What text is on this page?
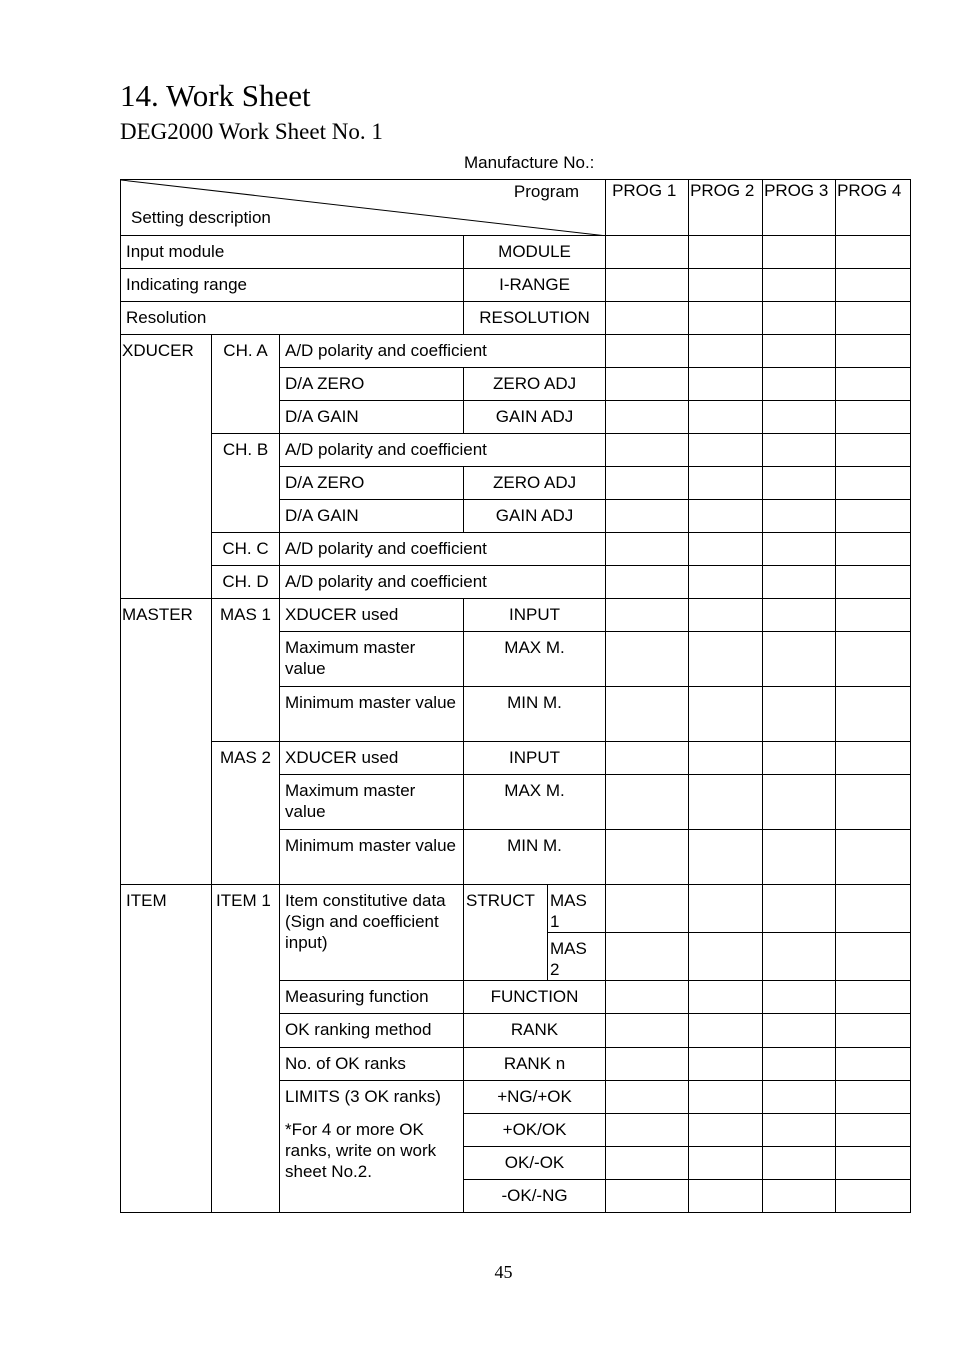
14. Work Sheet
DEG2000 Work Sheet No. 1
Manufacture No.:
Program
Setting description					PROG 1	PROG 2	PROG 3	PROG 4
Input module			MODULE					
Indicating range			I-RANGE					
Resolution			RESOLUTION					
XDUCER	CH. A	A/D polarity and coefficient						
		D/A ZERO	ZERO ADJ					
		D/A GAIN	GAIN ADJ					
	CH. B	A/D polarity and coefficient						
		D/A ZERO	ZERO ADJ					
		D/A GAIN	GAIN ADJ					
	CH. C	A/D polarity and coefficient						
	CH. D	A/D polarity and coefficient						
MASTER	MAS 1	XDUCER used	INPUT					
		Maximum master value	MAX M.					
		Minimum master value	MIN M.					
	MAS 2	XDUCER used	INPUT					
		Maximum master value	MAX M.					
		Minimum master value	MIN M.					
ITEM	ITEM 1	Item constitutive data (Sign and coefficient input)	STRUCT	MAS 1				
				MAS 2				
		Measuring function	FUNCTION					
		OK ranking method	RANK					
		No. of OK ranks	RANK n					
		LIMITS (3 OK ranks)	+NG/+OK					
		*For 4 or more OK ranks, write on work sheet No.2.	+OK/OK					
			OK/-OK					
			-OK/-NG					
45
